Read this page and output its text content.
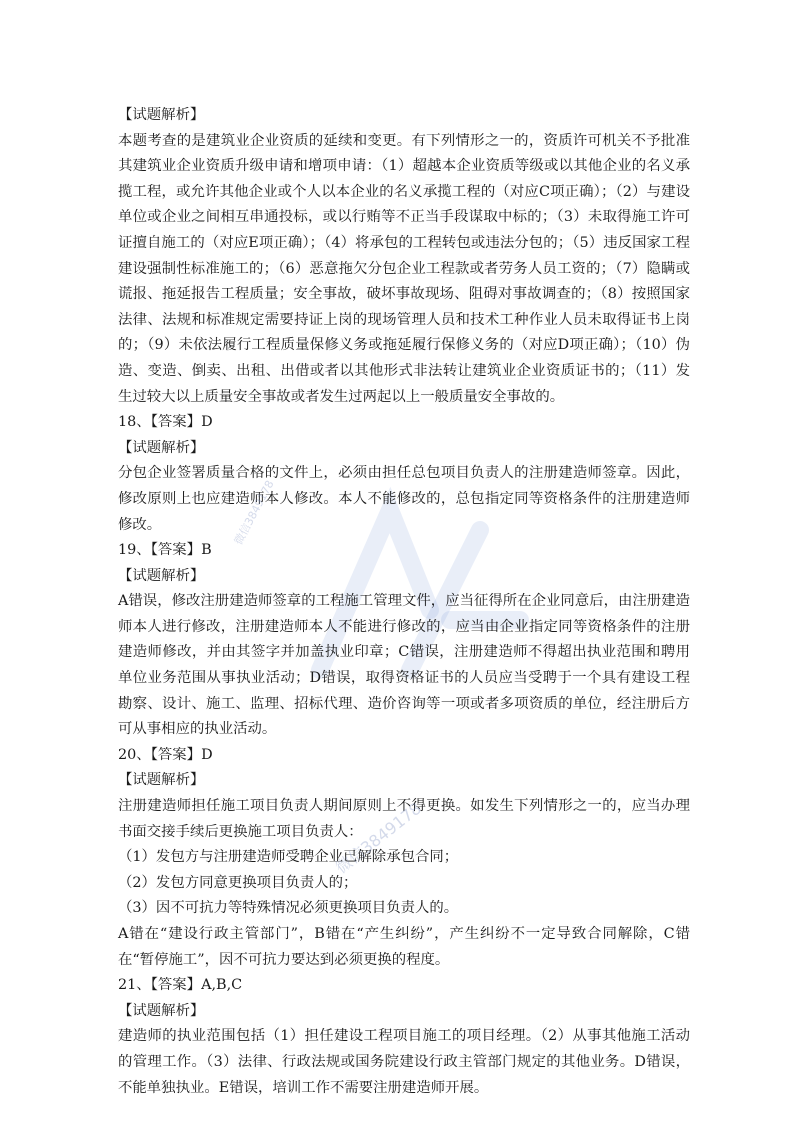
【试题解析】

本题考查的是建筑业企业资质的延续和变更。有下列情形之一的，资质许可机关不予批准其建筑业企业资质升级申请和增项申请：（1）超越本企业资质等级或以其他企业的名义承揽工程，或允许其他企业或个人以本企业的名义承揽工程的（对应C项正确）；（2）与建设单位或企业之间相互串通投标，或以行贿等不正当手段谋取中标的；（3）未取得施工许可证擅自施工的（对应E项正确）；（4）将承包的工程转包或违法分包的；（5）违反国家工程建设强制性标准施工的；（6）恶意拖欠分包企业工程款或者劳务人员工资的；（7）隐瞒或谎报、拖延报告工程质量；安全事故，破坏事故现场、阻碍对事故调查的；（8）按照国家法律、法规和标准规定需要持证上岗的现场管理人员和技术工种作业人员未取得证书上岗的；（9）未依法履行工程质量保修义务或拖延履行保修义务的（对应D项正确）；（10）伪造、变造、倒卖、出租、出借或者以其他形式非法转让建筑业企业资质证书的；（11）发生过较大以上质量安全事故或者发生过两起以上一般质量安全事故的。

18、【答案】D

【试题解析】

分包企业签署质量合格的文件上，必须由担任总包项目负责人的注册建造师签章。因此，修改原则上也应建造师本人修改。本人不能修改的，总包指定同等资格条件的注册建造师修改。

19、【答案】B

【试题解析】

A错误，修改注册建造师签章的工程施工管理文件，应当征得所在企业同意后，由注册建造师本人进行修改，注册建造师本人不能进行修改的，应当由企业指定同等资格条件的注册建造师修改，并由其签字并加盖执业印章；C错误，注册建造师不得超出执业范围和聘用单位业务范围从事执业活动；D错误，取得资格证书的人员应当受聘于一个具有建设工程勘察、设计、施工、监理、招标代理、造价咨询等一项或者多项资质的单位，经注册后方可从事相应的执业活动。

20、【答案】D

【试题解析】

注册建造师担任施工项目负责人期间原则上不得更换。如发生下列情形之一的，应当办理书面交接手续后更换施工项目负责人：

（1）发包方与注册建造师受聘企业已解除承包合同；

（2）发包方同意更换项目负责人的；

（3）因不可抗力等特殊情况必须更换项目负责人的。

A错在“建设行政主管部门”，B错在“产生纠纷”，产生纠纷不一定导致合同解除，C错在“暂停施工”，因不可抗力要达到必须更换的程度。

21、【答案】A,B,C

【试题解析】

建造师的执业范围包括（1）担任建设工程项目施工的项目经理。（2）从事其他施工活动的管理工作。（3）法律、行政法规或国务院建设行政主管部门规定的其他业务。D错误，不能单独执业。E错误，培训工作不需要注册建造师开展。

微信3849178
微信3849178
